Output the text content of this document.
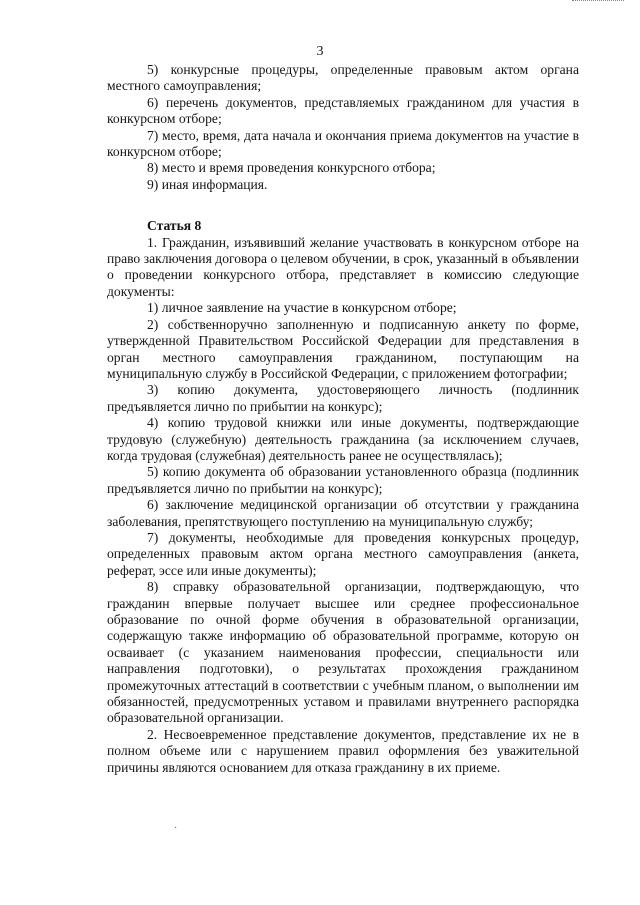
3

5) конкурсные процедуры, определенные правовым актом органа местного самоуправления;

6) перечень документов, представляемых гражданином для участия в конкурсном отборе;

7) место, время, дата начала и окончания приема документов на участие в конкурсном отборе;

8) место и время проведения конкурсного отбора;

9) иная информация.

Статья 8

1. Гражданин, изъявивший желание участвовать в конкурсном отборе на право заключения договора о целевом обучении, в срок, указанный в объявлении о проведении конкурсного отбора, представляет в комиссию следующие документы:

1) личное заявление на участие в конкурсном отборе;

2) собственноручно заполненную и подписанную анкету по форме, утвержденной Правительством Российской Федерации для представления в орган местного самоуправления гражданином, поступающим на муниципальную службу в Российской Федерации, с приложением фотографии;

3) копию документа, удостоверяющего личность (подлинник предъявляется лично по прибытии на конкурс);

4) копию трудовой книжки или иные документы, подтверждающие трудовую (служебную) деятельность гражданина (за исключением случаев, когда трудовая (служебная) деятельность ранее не осуществлялась);

5) копию документа об образовании установленного образца (подлинник предъявляется лично по прибытии на конкурс);

6) заключение медицинской организации об отсутствии у гражданина заболевания, препятствующего поступлению на муниципальную службу;

7) документы, необходимые для проведения конкурсных процедур, определенных правовым актом органа местного самоуправления (анкета, реферат, эссе или иные документы);

8) справку образовательной организации, подтверждающую, что гражданин впервые получает высшее или среднее профессиональное образование по очной форме обучения в образовательной организации, содержащую также информацию об образовательной программе, которую он осваивает (с указанием наименования профессии, специальности или направления подготовки), о результатах прохождения гражданином промежуточных аттестаций в соответствии с учебным планом, о выполнении им обязанностей, предусмотренных уставом и правилами внутреннего распорядка образовательной организации.

2. Несвоевременное представление документов, представление их не в полном объеме или с нарушением правил оформления без уважительной причины являются основанием для отказа гражданину в их приеме.

·
